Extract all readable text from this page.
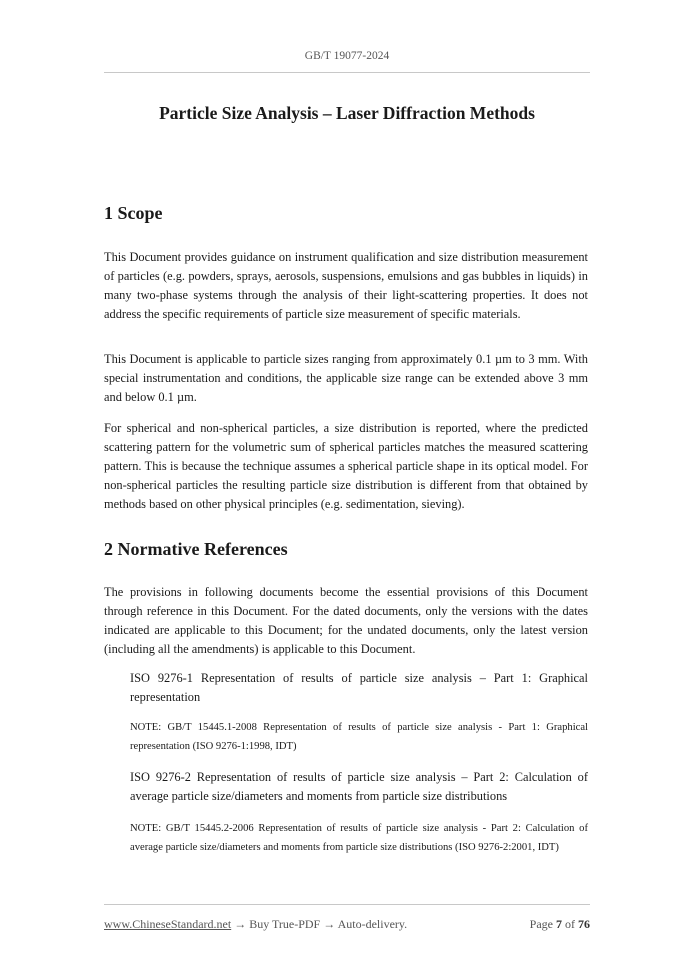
GB/T 19077-2024
Particle Size Analysis – Laser Diffraction Methods
1 Scope

This Document provides guidance on instrument qualification and size distribution measurement of particles (e.g. powders, sprays, aerosols, suspensions, emulsions and gas bubbles in liquids) in many two-phase systems through the analysis of their light-scattering properties. It does not address the specific requirements of particle size measurement of specific materials.

This Document is applicable to particle sizes ranging from approximately 0.1 µm to 3 mm. With special instrumentation and conditions, the applicable size range can be extended above 3 mm and below 0.1 µm.

For spherical and non-spherical particles, a size distribution is reported, where the predicted scattering pattern for the volumetric sum of spherical particles matches the measured scattering pattern. This is because the technique assumes a spherical particle shape in its optical model. For non-spherical particles the resulting particle size distribution is different from that obtained by methods based on other physical principles (e.g. sedimentation, sieving).

2 Normative References

The provisions in following documents become the essential provisions of this Document through reference in this Document. For the dated documents, only the versions with the dates indicated are applicable to this Document; for the undated documents, only the latest version (including all the amendments) is applicable to this Document.

ISO 9276-1 Representation of results of particle size analysis – Part 1: Graphical representation

NOTE: GB/T 15445.1-2008 Representation of results of particle size analysis - Part 1: Graphical representation (ISO 9276-1:1998, IDT)

ISO 9276-2 Representation of results of particle size analysis – Part 2: Calculation of average particle size/diameters and moments from particle size distributions

NOTE: GB/T 15445.2-2006 Representation of results of particle size analysis - Part 2: Calculation of average particle size/diameters and moments from particle size distributions (ISO 9276-2:2001, IDT)

www.ChineseStandard.net → Buy True-PDF → Auto-delivery.	Page 7 of 76
